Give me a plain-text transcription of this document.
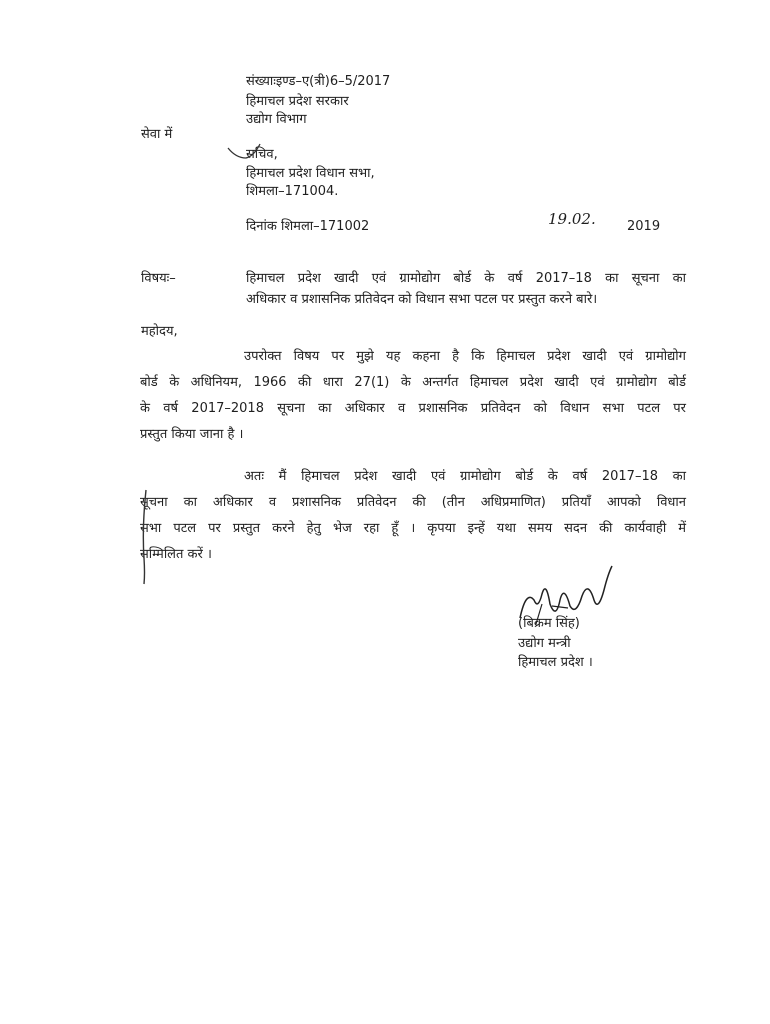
संख्याःइण्ड–ए(त्री)6–5/2017
हिमाचल प्रदेश सरकार
उद्योग विभाग
सेवा में
सचिव,
हिमाचल प्रदेश विधान सभा,
शिमला–171004.
दिनांक शिमला–171002	19.02. 2019
विषयः–	हिमाचल प्रदेश खादी एवं ग्रामोद्योग बोर्ड के वर्ष 2017–18 का सूचना का
अधिकार व प्रशासनिक प्रतिवेदन को विधान सभा पटल पर प्रस्तुत करने बारे।
महोदय,
उपरोक्त विषय पर मुझे यह कहना है कि हिमाचल प्रदेश खादी एवं ग्रामोद्योग
बोर्ड के अधिनियम, 1966 की धारा 27(1) के अन्तर्गत हिमाचल प्रदेश खादी एवं ग्रामोद्योग बोर्ड
के वर्ष 2017–2018 सूचना का अधिकार व प्रशासनिक प्रतिवेदन को विधान सभा पटल पर
प्रस्तुत किया जाना है ।
अतः मैं हिमाचल प्रदेश खादी एवं ग्रामोद्योग बोर्ड के वर्ष 2017–18 का
सूचना का अधिकार व प्रशासनिक प्रतिवेदन की (तीन अधिप्रमाणित) प्रतियाँ आपको विधान
सभा पटल पर प्रस्तुत करने हेतु भेज रहा हूँ । कृपया इन्हें यथा समय सदन की कार्यवाही में
सम्मिलित करें ।
(बिक्रम सिंह)
उद्योग मन्त्री
हिमाचल प्रदेश ।
